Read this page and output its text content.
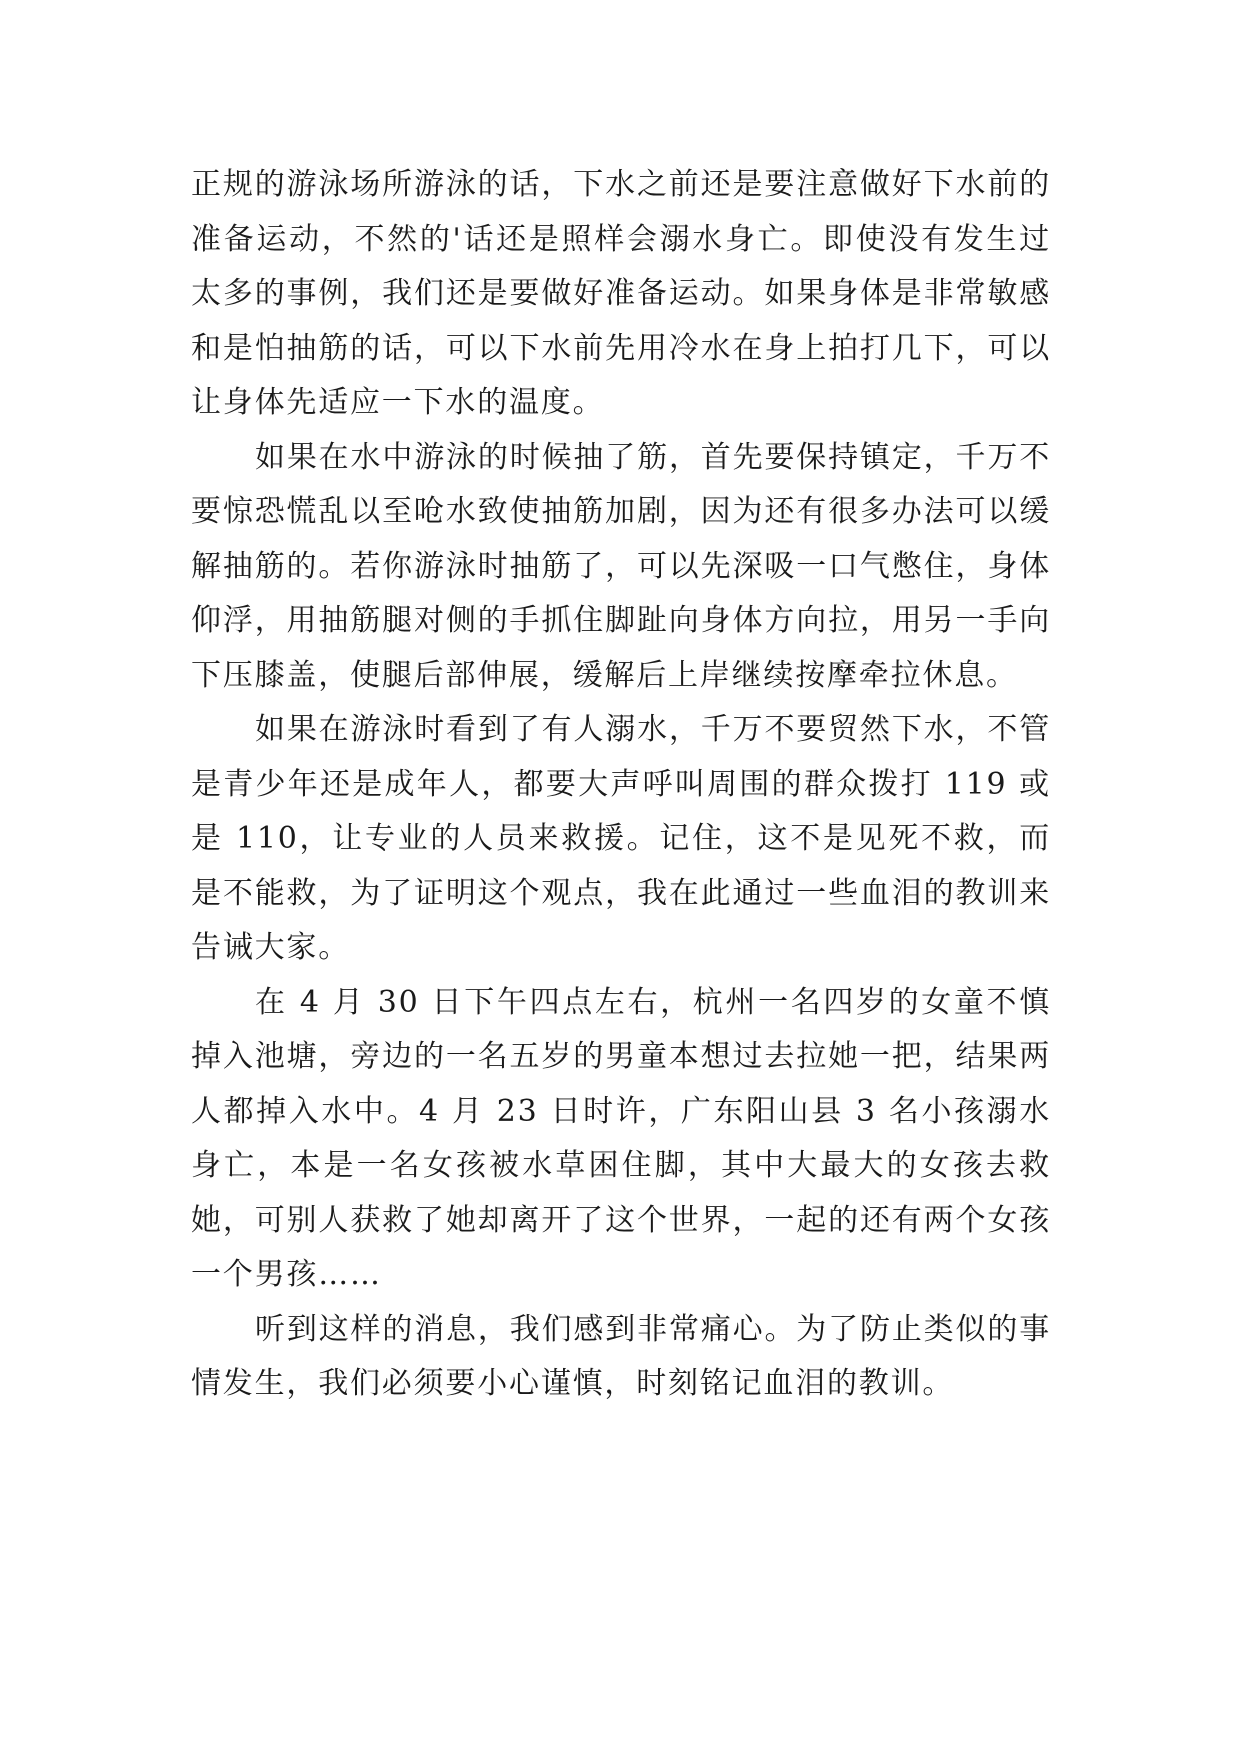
正规的游泳场所游泳的话，下水之前还是要注意做好下水前的准备运动，不然的'话还是照样会溺水身亡。即使没有发生过太多的事例，我们还是要做好准备运动。如果身体是非常敏感和是怕抽筋的话，可以下水前先用冷水在身上拍打几下，可以让身体先适应一下水的温度。

如果在水中游泳的时候抽了筋，首先要保持镇定，千万不要惊恐慌乱以至呛水致使抽筋加剧，因为还有很多办法可以缓解抽筋的。若你游泳时抽筋了，可以先深吸一口气憋住，身体仰浮，用抽筋腿对侧的手抓住脚趾向身体方向拉，用另一手向下压膝盖，使腿后部伸展，缓解后上岸继续按摩牵拉休息。

如果在游泳时看到了有人溺水，千万不要贸然下水，不管是青少年还是成年人，都要大声呼叫周围的群众拨打 119 或是 110，让专业的人员来救援。记住，这不是见死不救，而是不能救，为了证明这个观点，我在此通过一些血泪的教训来告诫大家。

在 4 月 30 日下午四点左右，杭州一名四岁的女童不慎掉入池塘，旁边的一名五岁的男童本想过去拉她一把，结果两人都掉入水中。4 月 23 日时许，广东阳山县 3 名小孩溺水身亡，本是一名女孩被水草困住脚，其中大最大的女孩去救她，可别人获救了她却离开了这个世界，一起的还有两个女孩一个男孩……

听到这样的消息，我们感到非常痛心。为了防止类似的事情发生，我们必须要小心谨慎，时刻铭记血泪的教训。
